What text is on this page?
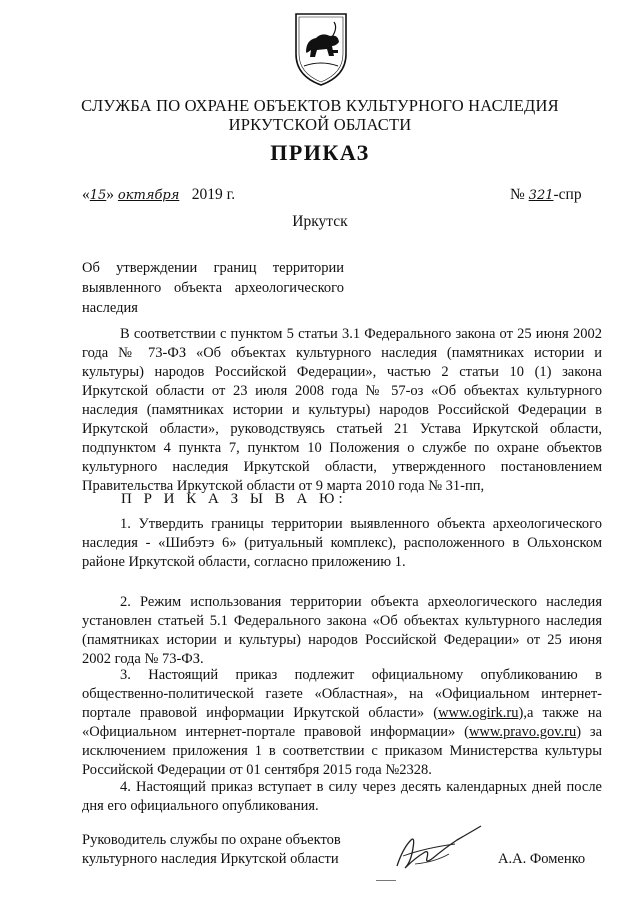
СЛУЖБА ПО ОХРАНЕ ОБЪЕКТОВ КУЛЬТУРНОГО НАСЛЕДИЯ
ИРКУТСКОЙ ОБЛАСТИ
ПРИКАЗ
«15» октября 2019 г.	№ 321-спр
Иркутск
Об утверждении границ территории выявленного объекта археологического наследия
В соответствии с пунктом 5 статьи 3.1 Федерального закона от 25 июня 2002 года № 73-ФЗ «Об объектах культурного наследия (памятниках истории и культуры) народов Российской Федерации», частью 2 статьи 10 (1) закона Иркутской области от 23 июля 2008 года № 57-оз «Об объектах культурного наследия (памятниках истории и культуры) народов Российской Федерации в Иркутской области», руководствуясь статьей 21 Устава Иркутской области, подпунктом 4 пункта 7, пунктом 10 Положения о службе по охране объектов культурного наследия Иркутской области, утвержденного постановлением Правительства Иркутской области от 9 марта 2010 года № 31-пп,
П Р И К А З Ы В А Ю:
1. Утвердить границы территории выявленного объекта археологического наследия - «Шибэтэ 6» (ритуальный комплекс), расположенного в Ольхонском районе Иркутской области, согласно приложению 1.
2. Режим использования территории объекта археологического наследия установлен статьей 5.1 Федерального закона «Об объектах культурного наследия (памятниках истории и культуры) народов Российской Федерации» от 25 июня 2002 года № 73-ФЗ.
3. Настоящий приказ подлежит официальному опубликованию в общественно-политической газете «Областная», на «Официальном интернет-портале правовой информации Иркутской области» (www.ogirk.ru),а также на «Официальном интернет-портале правовой информации» (www.pravo.gov.ru) за исключением приложения 1 в соответствии с приказом Министерства культуры Российской Федерации от 01 сентября 2015 года №2328.
4. Настоящий приказ вступает в силу через десять календарных дней после дня его официального опубликования.
Руководитель службы по охране объектов
культурного наследия Иркутской области	А.А. Фоменко
